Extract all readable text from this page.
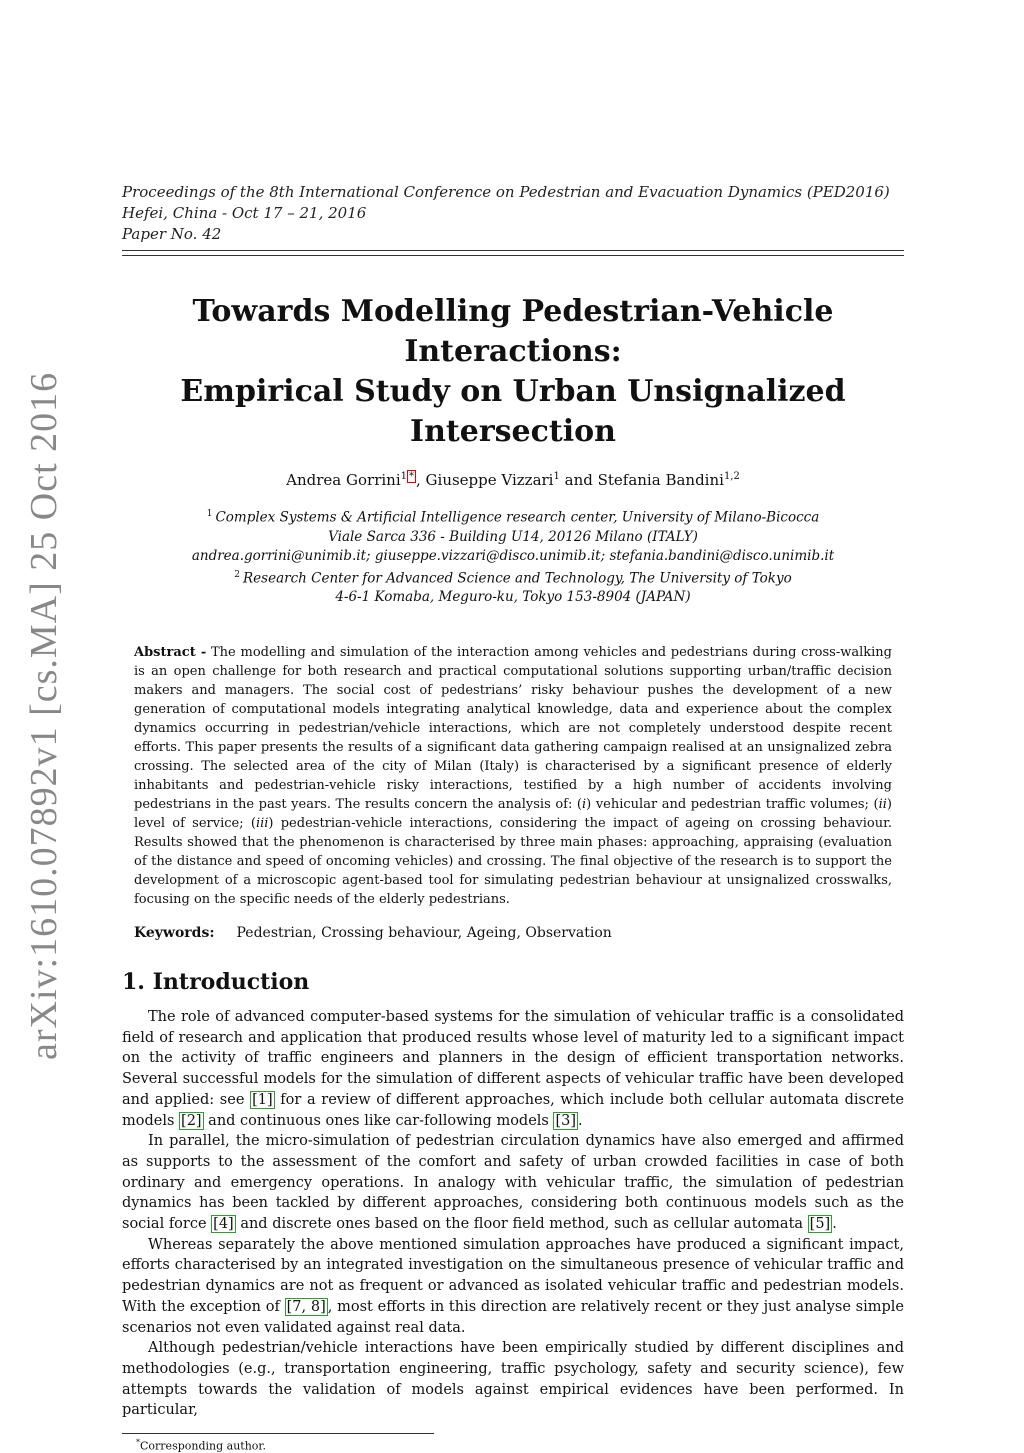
arXiv:1610.07892v1 [cs.MA] 25 Oct 2016
Proceedings of the 8th International Conference on Pedestrian and Evacuation Dynamics (PED2016)
Hefei, China - Oct 17 – 21, 2016
Paper No. 42
Towards Modelling Pedestrian-Vehicle Interactions:
Empirical Study on Urban Unsignalized Intersection
Andrea Gorrini$^1$ * , Giuseppe Vizzari$^1$ and Stefania Bandini$^{1,2}$
$^1$ Complex Systems & Artificial Intelligence research center, University of Milano-Bicocca
Viale Sarca 336 - Building U14, 20126 Milano (ITALY)
andrea.gorrini@unimib.it; giuseppe.vizzari@disco.unimib.it; stefania.bandini@disco.unimib.it
$^2$ Research Center for Advanced Science and Technology, The University of Tokyo
4-6-1 Komaba, Meguro-ku, Tokyo 153-8904 (JAPAN)
Abstract - The modelling and simulation of the interaction among vehicles and pedestrians during cross-walking is an open challenge for both research and practical computational solutions supporting urban/traffic decision makers and managers. The social cost of pedestrians’ risky behaviour pushes the development of a new generation of computational models integrating analytical knowledge, data and experience about the complex dynamics occurring in pedestrian/vehicle interactions, which are not completely understood despite recent efforts. This paper presents the results of a significant data gathering campaign realised at an unsignalized zebra crossing. The selected area of the city of Milan (Italy) is characterised by a significant presence of elderly inhabitants and pedestrian-vehicle risky interactions, testified by a high number of accidents involving pedestrians in the past years. The results concern the analysis of: (i) vehicular and pedestrian traffic volumes; (ii) level of service; (iii) pedestrian-vehicle interactions, considering the impact of ageing on crossing behaviour. Results showed that the phenomenon is characterised by three main phases: approaching, appraising (evaluation of the distance and speed of oncoming vehicles) and crossing. The final objective of the research is to support the development of a microscopic agent-based tool for simulating pedestrian behaviour at unsignalized crosswalks, focusing on the specific needs of the elderly pedestrians.
Keywords: Pedestrian, Crossing behaviour, Ageing, Observation
1. Introduction

The role of advanced computer-based systems for the simulation of vehicular traffic is a consolidated field of research and application that produced results whose level of maturity led to a significant impact on the activity of traffic engineers and planners in the design of efficient transportation networks. Several successful models for the simulation of different aspects of vehicular traffic have been developed and applied: see [1] for a review of different approaches, which include both cellular automata discrete models [2] and continuous ones like car-following models [3] .

In parallel, the micro-simulation of pedestrian circulation dynamics have also emerged and affirmed as supports to the assessment of the comfort and safety of urban crowded facilities in case of both ordinary and emergency operations. In analogy with vehicular traffic, the simulation of pedestrian dynamics has been tackled by different approaches, considering both continuous models such as the social force [4] and discrete ones based on the floor field method, such as cellular automata [5] .

Whereas separately the above mentioned simulation approaches have produced a significant impact, efforts characterised by an integrated investigation on the simultaneous presence of vehicular traffic and pedestrian dynamics are not as frequent or advanced as isolated vehicular traffic and pedestrian models. With the exception of [7, 8] , most efforts in this direction are relatively recent or they just analyse simple scenarios not even validated against real data.

Although pedestrian/vehicle interactions have been empirically studied by different disciplines and methodologies (e.g., transportation engineering, traffic psychology, safety and security science), few attempts towards the validation of models against empirical evidences have been performed. In particular,

*Corresponding author.
